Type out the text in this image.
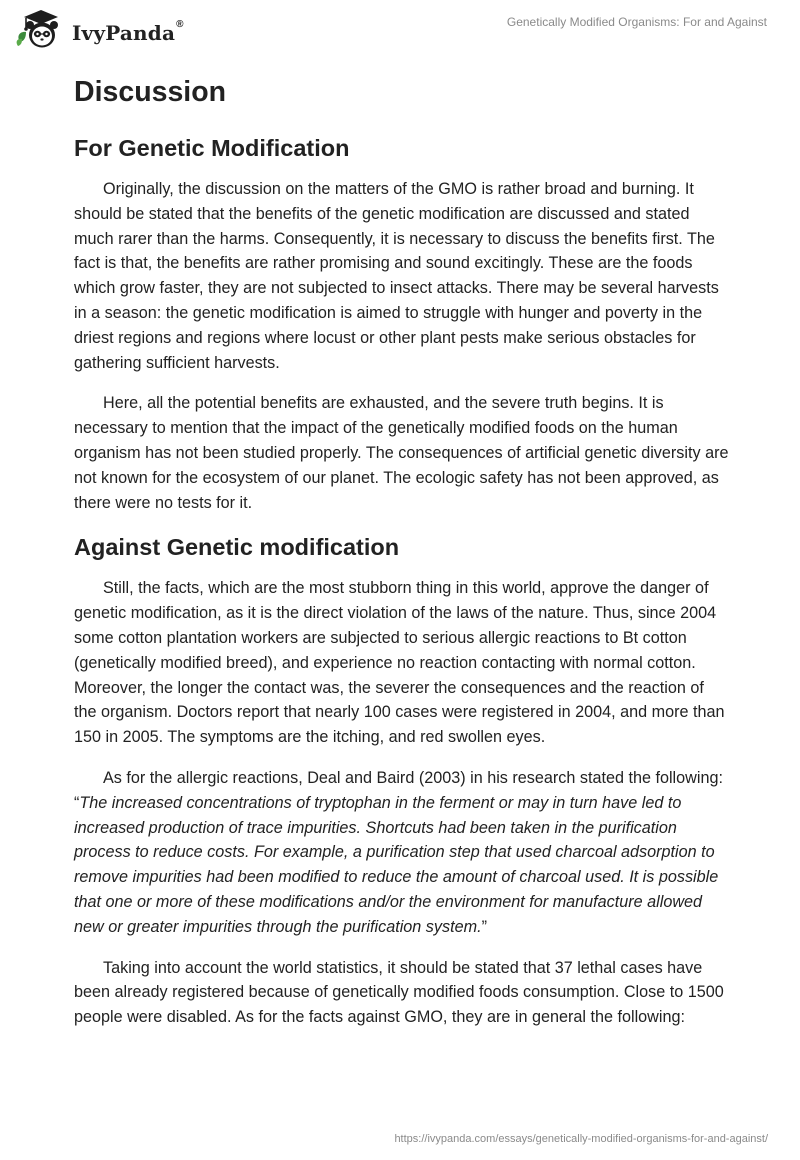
IvyPanda®	Genetically Modified Organisms: For and Against
Discussion
For Genetic Modification

Originally, the discussion on the matters of the GMO is rather broad and burning. It should be stated that the benefits of the genetic modification are discussed and stated much rarer than the harms. Consequently, it is necessary to discuss the benefits first. The fact is that, the benefits are rather promising and sound excitingly. These are the foods which grow faster, they are not subjected to insect attacks. There may be several harvests in a season: the genetic modification is aimed to struggle with hunger and poverty in the driest regions and regions where locust or other plant pests make serious obstacles for gathering sufficient harvests.

Here, all the potential benefits are exhausted, and the severe truth begins. It is necessary to mention that the impact of the genetically modified foods on the human organism has not been studied properly. The consequences of artificial genetic diversity are not known for the ecosystem of our planet. The ecologic safety has not been approved, as there were no tests for it.

Against Genetic modification

Still, the facts, which are the most stubborn thing in this world, approve the danger of genetic modification, as it is the direct violation of the laws of the nature. Thus, since 2004 some cotton plantation workers are subjected to serious allergic reactions to Bt cotton (genetically modified breed), and experience no reaction contacting with normal cotton. Moreover, the longer the contact was, the severer the consequences and the reaction of the organism. Doctors report that nearly 100 cases were registered in 2004, and more than 150 in 2005. The symptoms are the itching, and red swollen eyes.

As for the allergic reactions, Deal and Baird (2003) in his research stated the following: “The increased concentrations of tryptophan in the ferment or may in turn have led to increased production of trace impurities. Shortcuts had been taken in the purification process to reduce costs. For example, a purification step that used charcoal adsorption to remove impurities had been modified to reduce the amount of charcoal used. It is possible that one or more of these modifications and/or the environment for manufacture allowed new or greater impurities through the purification system.”

Taking into account the world statistics, it should be stated that 37 lethal cases have been already registered because of genetically modified foods consumption. Close to 1500 people were disabled. As for the facts against GMO, they are in general the following:

https://ivypanda.com/essays/genetically-modified-organisms-for-and-against/
